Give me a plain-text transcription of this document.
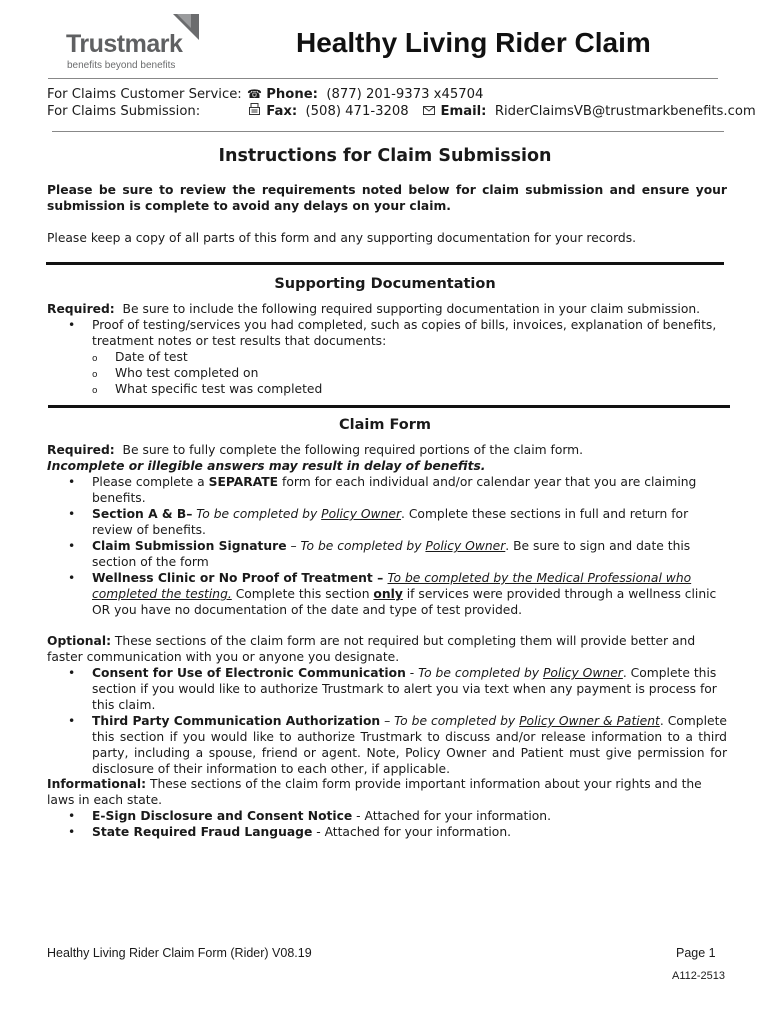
Trustmark
benefits beyond benefits
Healthy Living Rider Claim
For Claims Customer Service: ☎ Phone: (877) 201-9373 x45704
For Claims Submission:	Fax: (508) 471-3208 Email: RiderClaimsVB@trustmarkbenefits.com
Instructions for Claim Submission
Please be sure to review the requirements noted below for claim submission and ensure your submission is complete to avoid any delays on your claim.
Please keep a copy of all parts of this form and any supporting documentation for your records.
Supporting Documentation
Required: Be sure to include the following required supporting documentation in your claim submission.
• Proof of testing/services you had completed, such as copies of bills, invoices, explanation of benefits, treatment notes or test results that documents:
o Date of test
o Who test completed on
o What specific test was completed
Claim Form
Required: Be sure to fully complete the following required portions of the claim form.
Incomplete or illegible answers may result in delay of benefits.
• Please complete a SEPARATE form for each individual and/or calendar year that you are claiming benefits.
• Section A & B– To be completed by Policy Owner. Complete these sections in full and return for review of benefits.
• Claim Submission Signature – To be completed by Policy Owner. Be sure to sign and date this section of the form
• Wellness Clinic or No Proof of Treatment – To be completed by the Medical Professional who completed the testing. Complete this section only if services were provided through a wellness clinic OR you have no documentation of the date and type of test provided.
Optional: These sections of the claim form are not required but completing them will provide better and faster communication with you or anyone you designate.
• Consent for Use of Electronic Communication - To be completed by Policy Owner. Complete this section if you would like to authorize Trustmark to alert you via text when any payment is process for this claim.
• Third Party Communication Authorization – To be completed by Policy Owner & Patient. Complete this section if you would like to authorize Trustmark to discuss and/or release information to a third party, including a spouse, friend or agent. Note, Policy Owner and Patient must give permission for disclosure of their information to each other, if applicable.
Informational: These sections of the claim form provide important information about your rights and the laws in each state.
• E-Sign Disclosure and Consent Notice - Attached for your information.
• State Required Fraud Language - Attached for your information.
Healthy Living Rider Claim Form (Rider) V08.19	Page 1
A112-2513
